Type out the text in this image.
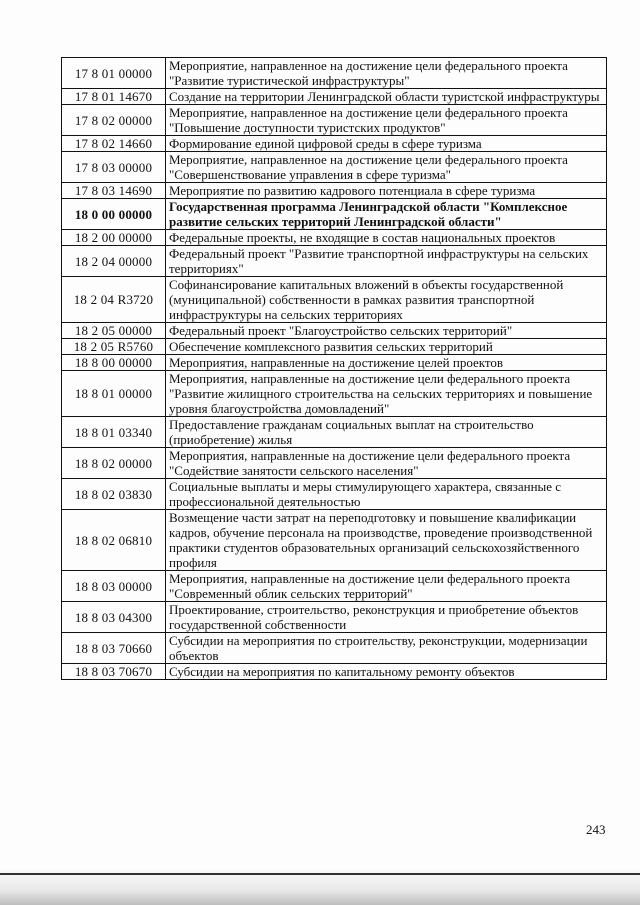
17 8 01 00000	Мероприятие, направленное на достижение цели федерального проекта "Развитие туристической инфраструктуры"
17 8 01 14670	Создание на территории Ленинградской области туристской инфраструктуры
17 8 02 00000	Мероприятие, направленное на достижение цели федерального проекта "Повышение доступности туристских продуктов"
17 8 02 14660	Формирование единой цифровой среды в сфере туризма
17 8 03 00000	Мероприятие, направленное на достижение цели федерального проекта "Совершенствование управления в сфере туризма"
17 8 03 14690	Мероприятие по развитию кадрового потенциала в сфере туризма
18 0 00 00000	Государственная программа Ленинградской области "Комплексное развитие сельских территорий Ленинградской области"
18 2 00 00000	Федеральные проекты, не входящие в состав национальных проектов
18 2 04 00000	Федеральный проект "Развитие транспортной инфраструктуры на сельских территориях"
18 2 04 R3720	Софинансирование капитальных вложений в объекты государственной (муниципальной) собственности в рамках развития транспортной инфраструктуры на сельских территориях
18 2 05 00000	Федеральный проект "Благоустройство сельских территорий"
18 2 05 R5760	Обеспечение комплексного развития сельских территорий
18 8 00 00000	Мероприятия, направленные на достижение целей проектов
18 8 01 00000	Мероприятия, направленные на достижение цели федерального проекта "Развитие жилищного строительства на сельских территориях и повышение уровня благоустройства домовладений"
18 8 01 03340	Предоставление гражданам социальных выплат на строительство (приобретение) жилья
18 8 02 00000	Мероприятия, направленные на достижение цели федерального проекта "Содействие занятости сельского населения"
18 8 02 03830	Социальные выплаты и меры стимулирующего характера, связанные с профессиональной деятельностью
18 8 02 06810	Возмещение части затрат на переподготовку и повышение квалификации кадров, обучение персонала на производстве, проведение производственной практики студентов образовательных организаций сельскохозяйственного профиля
18 8 03 00000	Мероприятия, направленные на достижение цели федерального проекта "Современный облик сельских территорий"
18 8 03 04300	Проектирование, строительство, реконструкция и приобретение объектов государственной собственности
18 8 03 70660	Субсидии на мероприятия по строительству, реконструкции, модернизации объектов
18 8 03 70670	Субсидии на мероприятия по капитальному ремонту объектов
243
